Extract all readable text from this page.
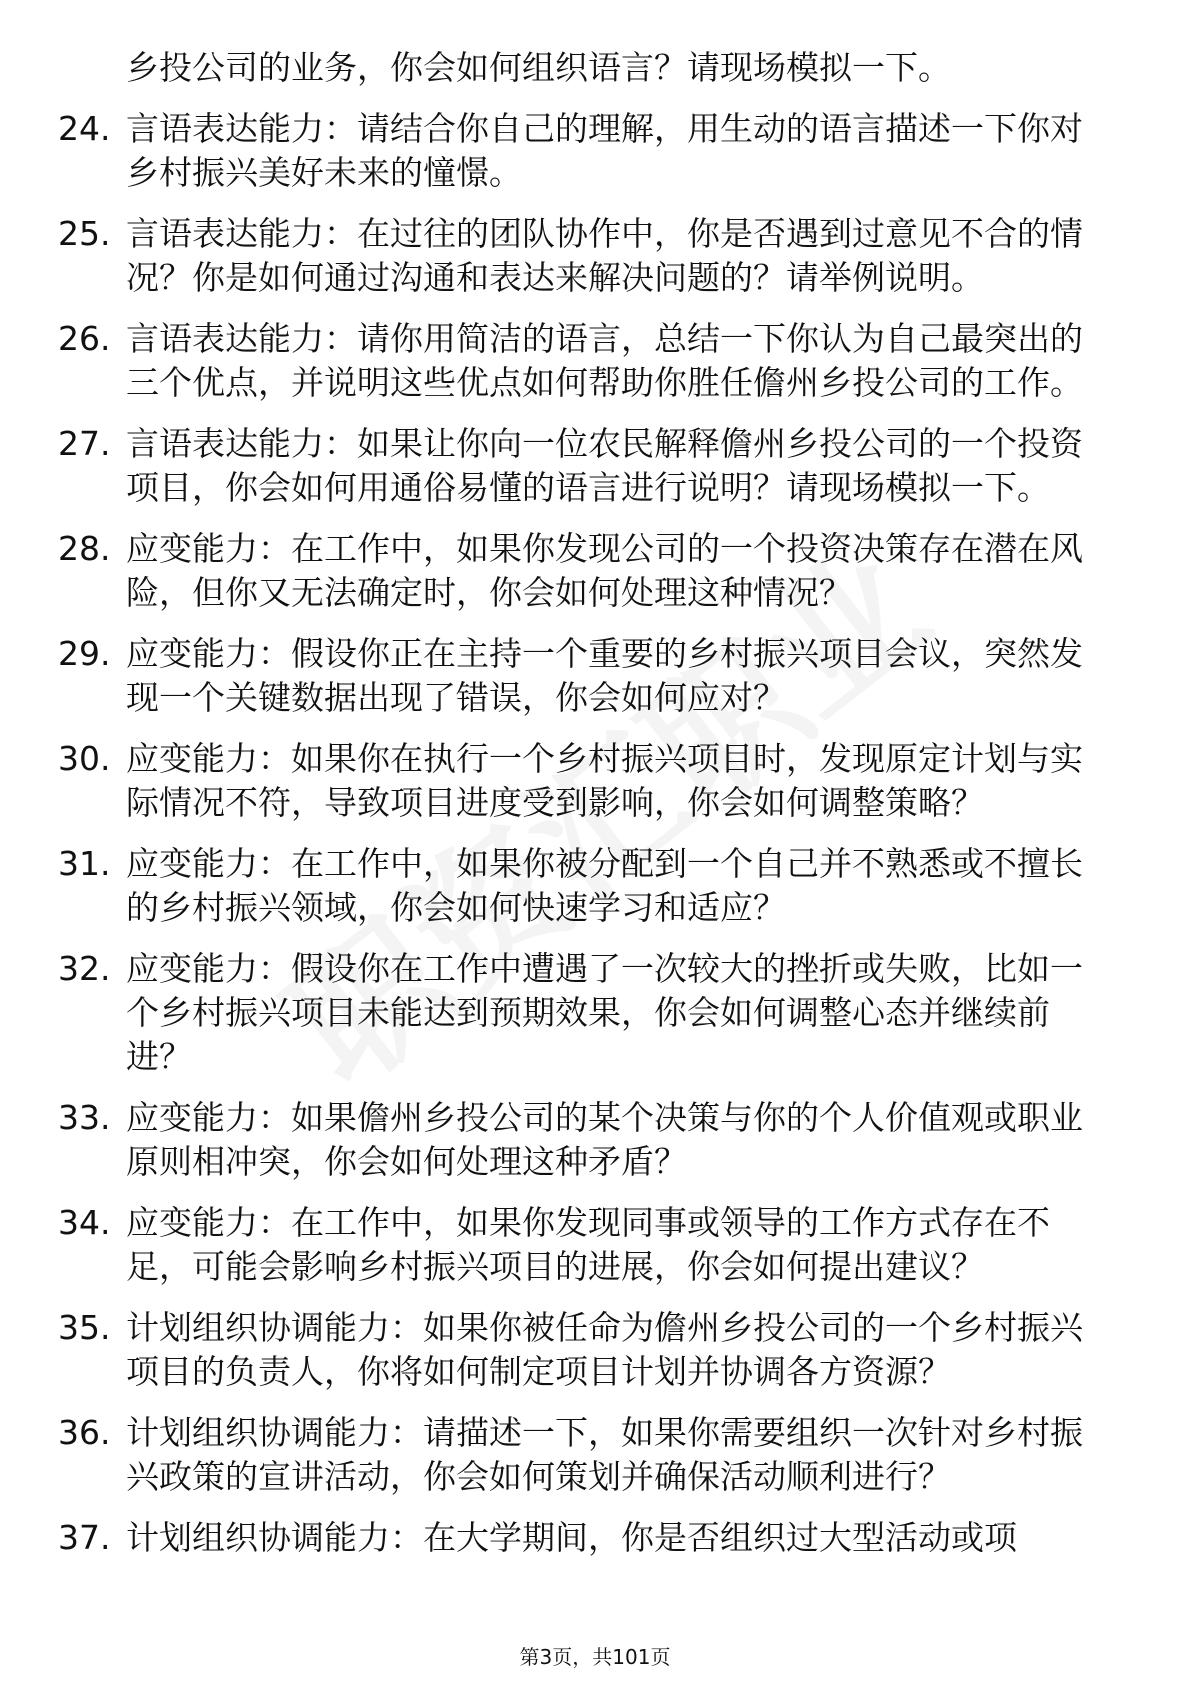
乡投公司的业务，你会如何组织语言？请现场模拟一下。
24. 言语表达能力：请结合你自己的理解，用生动的语言描述一下你对乡村振兴美好未来的憧憬。
25. 言语表达能力：在过往的团队协作中，你是否遇到过意见不合的情况？你是如何通过沟通和表达来解决问题的？请举例说明。
26. 言语表达能力：请你用简洁的语言，总结一下你认为自己最突出的三个优点，并说明这些优点如何帮助你胜任儋州乡投公司的工作。
27. 言语表达能力：如果让你向一位农民解释儋州乡投公司的一个投资项目，你会如何用通俗易懂的语言进行说明？请现场模拟一下。
28. 应变能力：在工作中，如果你发现公司的一个投资决策存在潜在风险，但你又无法确定时，你会如何处理这种情况？
29. 应变能力：假设你正在主持一个重要的乡村振兴项目会议，突然发现一个关键数据出现了错误，你会如何应对？
30. 应变能力：如果你在执行一个乡村振兴项目时，发现原定计划与实际情况不符，导致项目进度受到影响，你会如何调整策略？
31. 应变能力：在工作中，如果你被分配到一个自己并不熟悉或不擅长的乡村振兴领域，你会如何快速学习和适应？
32. 应变能力：假设你在工作中遭遇了一次较大的挫折或失败，比如一个乡村振兴项目未能达到预期效果，你会如何调整心态并继续前进？
33. 应变能力：如果儋州乡投公司的某个决策与你的个人价值观或职业原则相冲突，你会如何处理这种矛盾？
34. 应变能力：在工作中，如果你发现同事或领导的工作方式存在不足，可能会影响乡村振兴项目的进展，你会如何提出建议？
35. 计划组织协调能力：如果你被任命为儋州乡投公司的一个乡村振兴项目的负责人，你将如何制定项目计划并协调各方资源？
36. 计划组织协调能力：请描述一下，如果你需要组织一次针对乡村振兴政策的宣讲活动，你会如何策划并确保活动顺利进行？
37. 计划组织协调能力：在大学期间，你是否组织过大型活动或项
第3页，共101页
